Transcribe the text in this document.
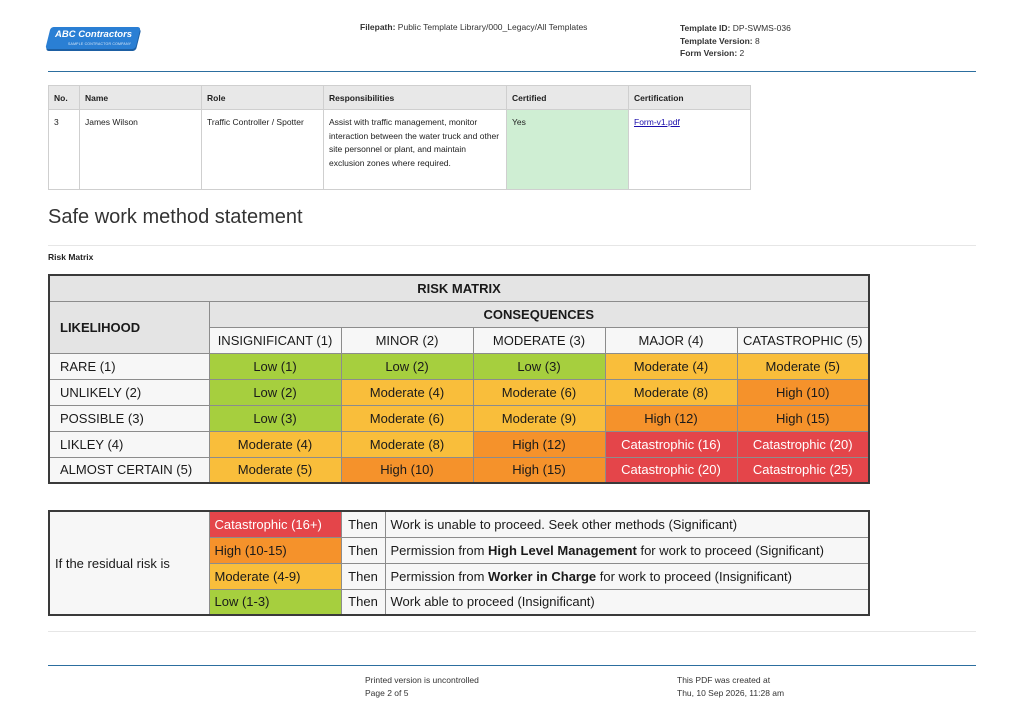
ABC Contractors
SAMPLE CONTRACTOR COMPANY
Filepath: Public Template Library/000_Legacy/All Templates	Template ID: DP-SWMS-036
Template Version: 8
Form Version: 2
No.	Name	Role	Responsibilities	Certified	Certification
3	James Wilson	Traffic Controller / Spotter	Assist with traffic management, monitor interaction between the water truck and other site personnel or plant, and maintain exclusion zones where required.	Yes	Form-v1.pdf
Safe work method statement
Risk Matrix
RISK MATRIX					
LIKELIHOOD	CONSEQUENCES				
	INSIGNIFICANT (1)	MINOR (2)	MODERATE (3)	MAJOR (4)	CATASTROPHIC (5)
RARE (1)	Low (1)	Low (2)	Low (3)	Moderate (4)	Moderate (5)
UNLIKELY (2)	Low (2)	Moderate (4)	Moderate (6)	Moderate (8)	High (10)
POSSIBLE (3)	Low (3)	Moderate (6)	Moderate (9)	High (12)	High (15)
LIKLEY (4)	Moderate (4)	Moderate (8)	High (12)	Catastrophic (16)	Catastrophic (20)
ALMOST CERTAIN (5)	Moderate (5)	High (10)	High (15)	Catastrophic (20)	Catastrophic (25)
If the residual risk is	Catastrophic (16+)	Then	Work is unable to proceed. Seek other methods (Significant)
	High (10-15)	Then	Permission from High Level Management for work to proceed (Significant)
	Moderate (4-9)	Then	Permission from Worker in Charge for work to proceed (Insignificant)
	Low (1-3)	Then	Work able to proceed (Insignificant)
Printed version is uncontrolled
Page 2 of 5
This PDF was created at
Thu, 10 Sep 2026, 11:28 am
